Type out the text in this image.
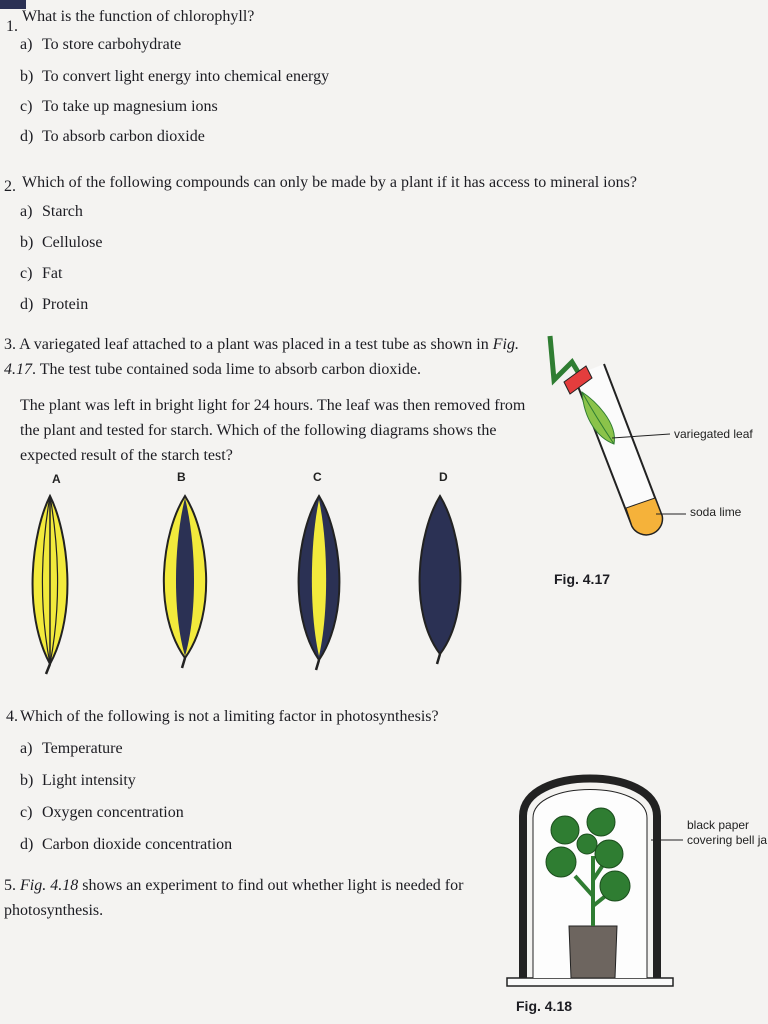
1.
What is the function of chlorophyll?
a) To store carbohydrate
b) To convert light energy into chemical energy
c) To take up magnesium ions
d) To absorb carbon dioxide
2. Which of the following compounds can only be made by a plant if it has access to mineral ions?
a) Starch
b) Cellulose
c) Fat
d) Protein
3. A variegated leaf attached to a plant was placed in a test tube as shown in Fig. 4.17. The test tube contained soda lime to absorb carbon dioxide.
The plant was left in bright light for 24 hours. The leaf was then removed from the plant and tested for starch. Which of the following diagrams shows the expected result of the starch test?
A	B	C	D
variegated leaf
soda lime
Fig. 4.17
4. Which of the following is not a limiting factor in photosynthesis?
a) Temperature
b) Light intensity
c) Oxygen concentration
d) Carbon dioxide concentration
5. Fig. 4.18 shows an experiment to find out whether light is needed for photosynthesis.
black paper covering bell ja
Fig. 4.18
